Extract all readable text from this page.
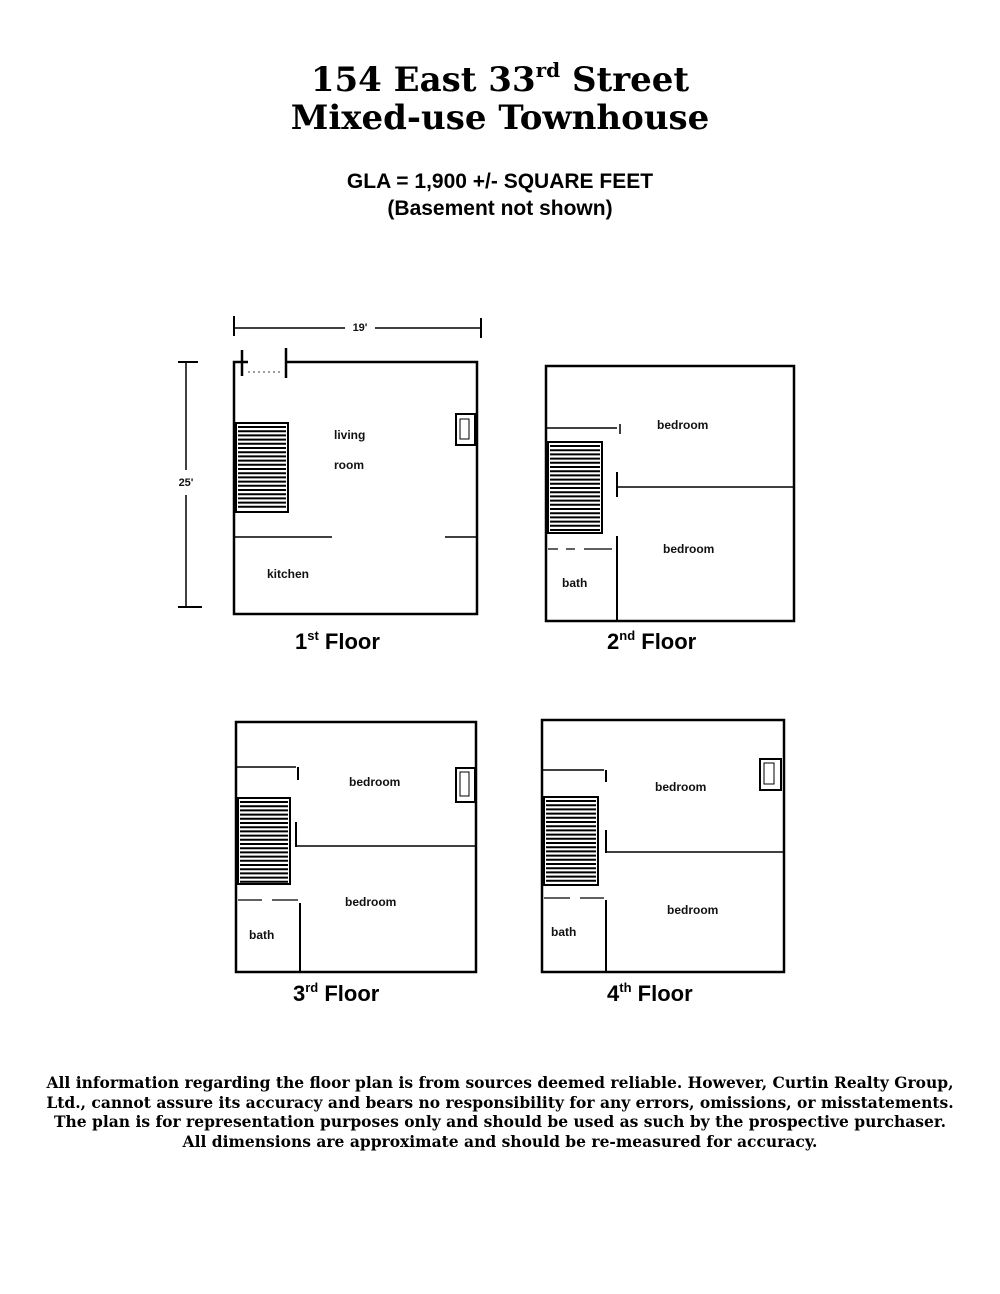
154 East 33rd Street
Mixed-use Townhouse
GLA = 1,900 +/- SQUARE FEET
(Basement not shown)
19'
25'
living
room
kitchen
bedroom
bedroom
bath
bedroom
bedroom
bath
bedroom
bedroom
bath
1st Floor	2nd Floor
3rd Floor	4th Floor
All information regarding the floor plan is from sources deemed reliable. However, Curtin Realty Group, Ltd., cannot assure its accuracy and bears no responsibility for any errors, omissions, or misstatements. The plan is for representation purposes only and should be used as such by the prospective purchaser. All dimensions are approximate and should be re-measured for accuracy.
